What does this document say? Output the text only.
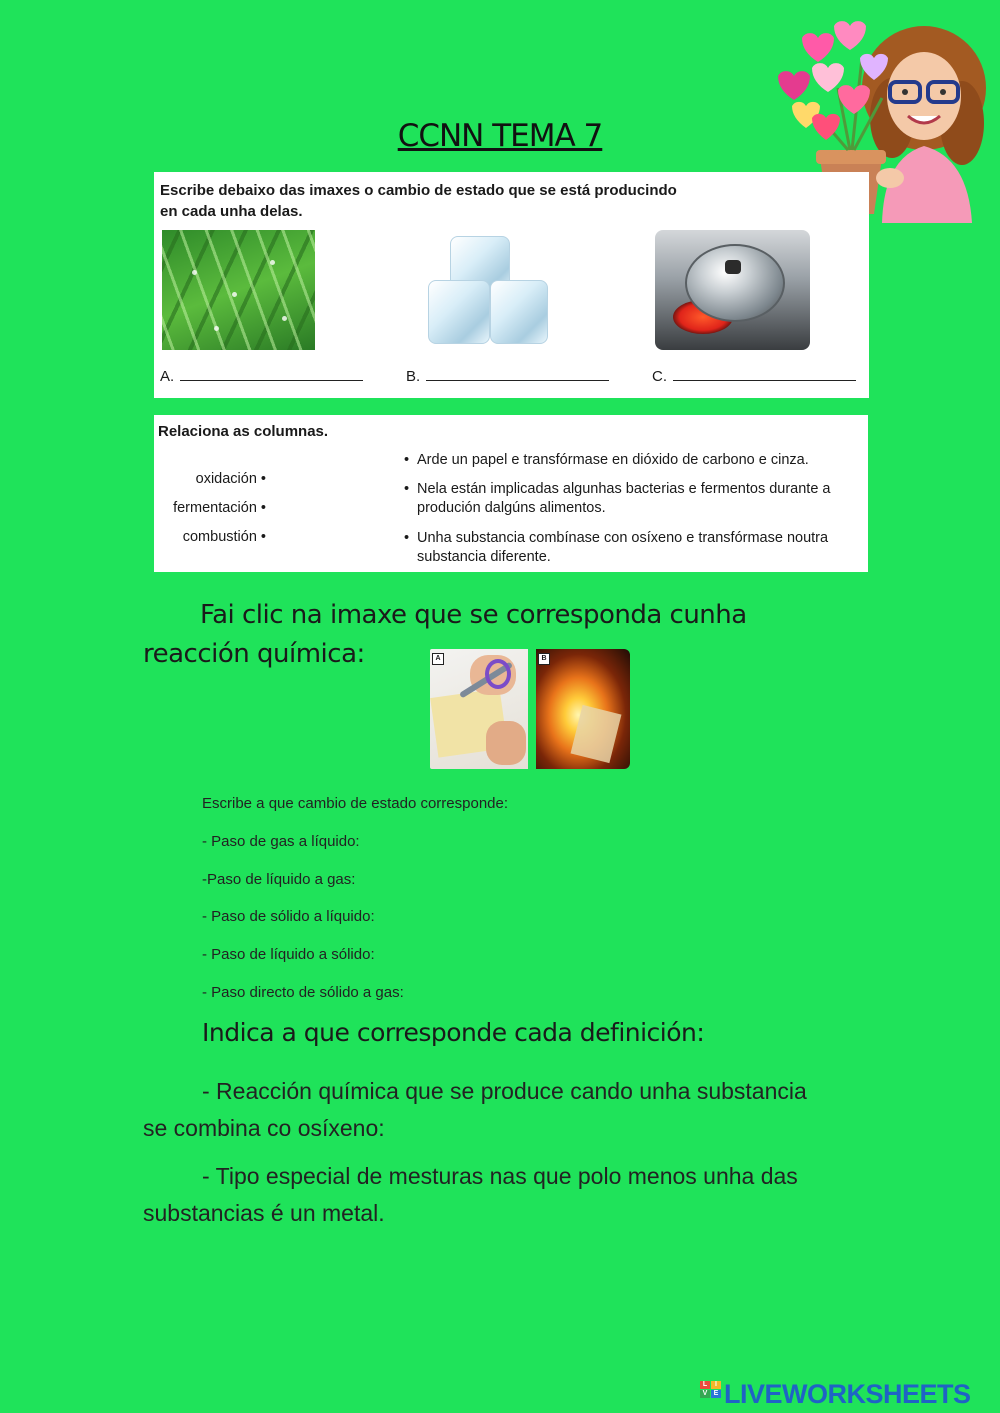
CCNN TEMA 7
Escribe debaixo das imaxes o cambio de estado que se está producindo
en cada unha delas.
A.	B.	C.
Relaciona as columnas.
oxidación •
fermentación •
combustión •
• Arde un papel e transfórmase en dióxido de carbono e cinza.
• Nela están implicadas algunhas bacterias e fermentos durante a produción dalgúns alimentos.
• Unha substancia combínase con osíxeno e transfórmase noutra substancia diferente.
Fai clic na imaxe que se corresponda cunha
reacción química:	A	B
Escribe a que cambio de estado corresponde:
- Paso de gas a líquido:
-Paso de líquido a gas:
- Paso de sólido a líquido:
- Paso de líquido a sólido:
- Paso directo de sólido a gas:
Indica a que corresponde cada definición:
- Reacción química que se produce cando unha substancia
se combina co osíxeno:
- Tipo especial de mesturas nas que polo menos unha das
substancias é un metal.
L	I
V E LIVEWORKSHEETS
